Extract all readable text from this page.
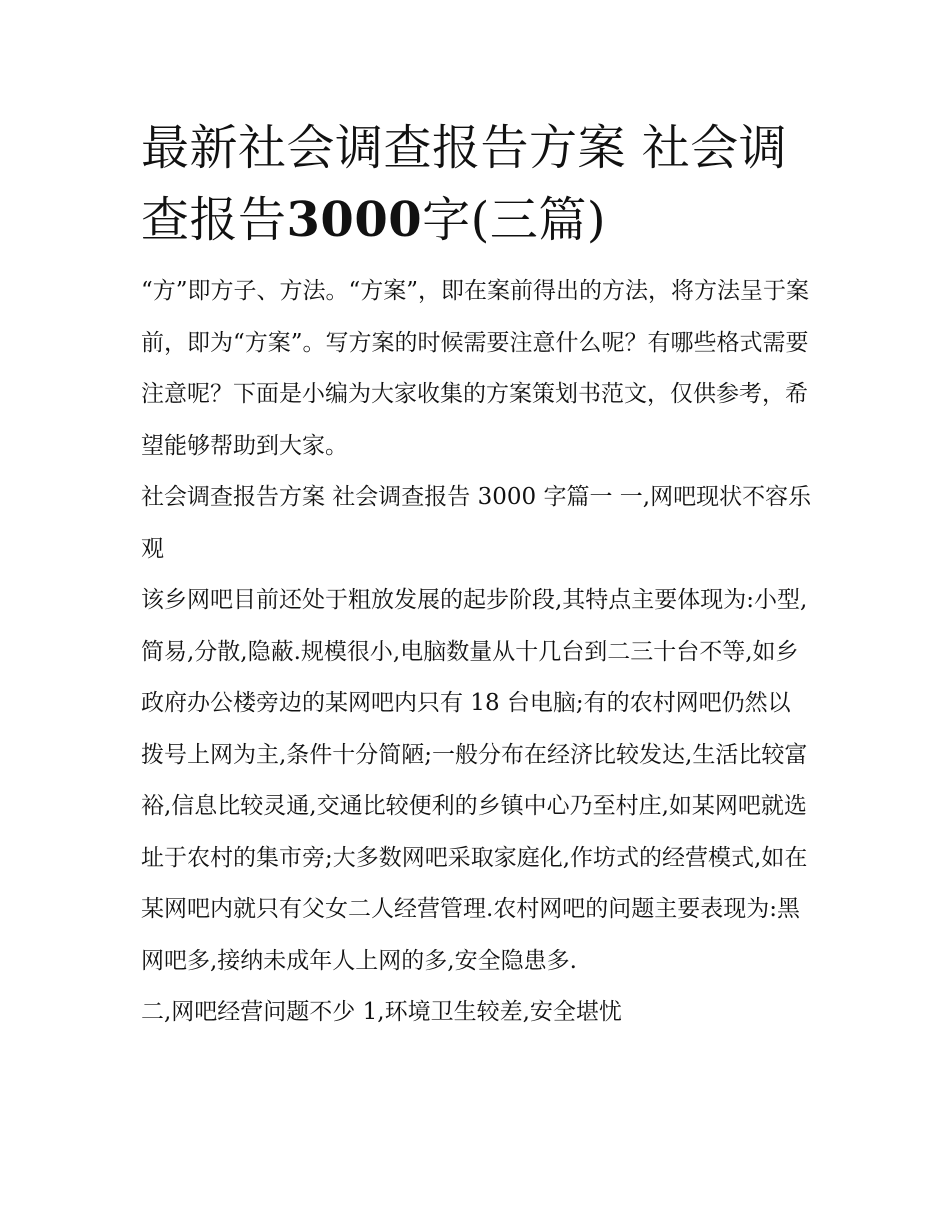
最新社会调查报告方案 社会调查报告3000字(三篇)

“方”即方子、方法。“方案”，即在案前得出的方法，将方法呈于案前，即为“方案”。写方案的时候需要注意什么呢？有哪些格式需要注意呢？下面是小编为大家收集的方案策划书范文，仅供参考，希望能够帮助到大家。

社会调查报告方案 社会调查报告 3000 字篇一 一,网吧现状不容乐观

该乡网吧目前还处于粗放发展的起步阶段,其特点主要体现为:小型,简易,分散,隐蔽.规模很小,电脑数量从十几台到二三十台不等,如乡政府办公楼旁边的某网吧内只有 18 台电脑;有的农村网吧仍然以拨号上网为主,条件十分简陋;一般分布在经济比较发达,生活比较富裕,信息比较灵通,交通比较便利的乡镇中心乃至村庄,如某网吧就选址于农村的集市旁;大多数网吧采取家庭化,作坊式的经营模式,如在某网吧内就只有父女二人经营管理.农村网吧的问题主要表现为:黑网吧多,接纳未成年人上网的多,安全隐患多.

二,网吧经营问题不少 1,环境卫生较差,安全堪忧
